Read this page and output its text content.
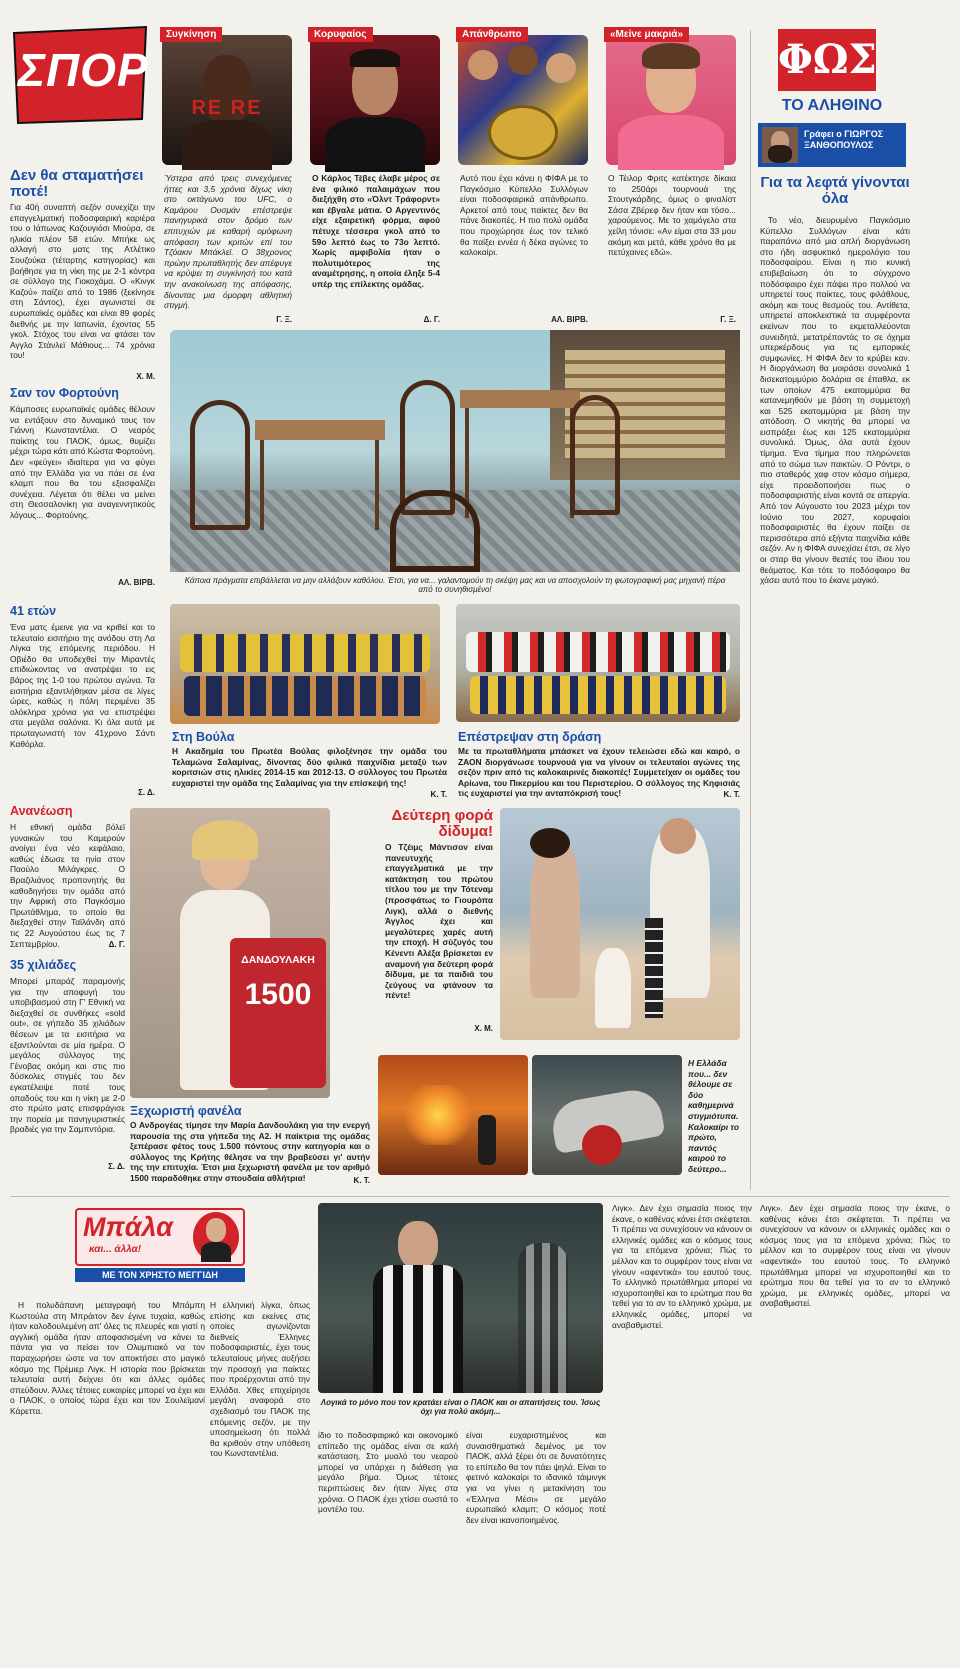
ΣΠΟΡ
RE RE
Συγκίνηση
Ύστερα από τρεις συνεχόμενες ήττες και 3,5 χρόνια δίχως νίκη στο οκτάγωνο του UFC, ο Καμάρου Ουσμάν επέστρεψε πανηγυρικά στον δρόμο των επιτυχιών με καθαρή ομόφωνη απόφαση των κριτών επί του Τζόακιν Μπάκλεϊ. Ο 38χρονος πρώην πρωταθλητής δεν απέφυγε να κρύψει τη συγκίνησή του κατά την ανακοίνωση της απόφασης, δίνοντας μια όμορφη αθλητική στιγμή.
Γ. Ξ.
Κορυφαίος
Ο Κάρλος Τέβες έλαβε μέρος σε ένα φιλικό παλαιμάχων που διεξήχθη στο «Όλντ Τράφορντ» και έβγαλε μάτια. Ο Αργεντινός είχε εξαιρετική φόρμα, αφού πέτυχε τέσσερα γκολ από το 59ο λεπτό έως το 73ο λεπτό. Χωρίς αμφιβολία ήταν ο πολυτιμότερος της αναμέτρησης, η οποία έληξε 5-4 υπέρ της επίλεκτης ομάδας.
Δ. Γ.
Απάνθρωπο
Αυτό που έχει κάνει η ΦΙΦΑ με το Παγκόσμιο Κύπελλο Συλλόγων είναι ποδοσφαιρικά απάνθρωπο. Αρκετοί από τους παίκτες δεν θα πάνε διακοπές. Η πιο πολύ ομάδα που προχώρησε έως τον τελικό θα παίξει εννέα ή δέκα αγώνες το καλοκαίρι.
ΑΛ. ΒΙΡΒ.
«Μείνε μακριά»
Ο Τέιλορ Φριτς κατέκτησε δίκαια το 250άρι τουρνουά της Στουτγκάρδης, όμως ο φιναλίστ Σάσα Ζβέρεφ δεν ήταν και τόσο... χαρούμενος. Με το χαμόγελο στα χείλη τόνισε: «Αν είμαι στα 33 μου ακόμη και μετά, κάθε χρόνο θα με πετύχαινες εδώ».
Γ. Ξ.
ΦΩΣ
ΤΟ ΑΛΗΘΙΝΟ
Γράφει ο ΓΙΩΡΓΟΣ ΞΑΝΘΟΠΟΥΛΟΣ
Για τα λεφτά γίνονται όλα
Το νέο, διευρυμένο Παγκόσμιο Κύπελλο Συλλόγων είναι κάτι παραπάνω από μια απλή διοργάνωση στο ήδη ασφυκτικό ημερολόγιο του ποδοσφαίρου. Είναι η πιο κυνική επιβεβαίωση ότι το σύγχρονο ποδόσφαιρο έχει πάψει προ πολλού να υπηρετεί τους παίκτες, τους φιλάθλους, ακόμη και τους θεσμούς του. Αντίθετα, υπηρετεί αποκλειστικά τα συμφέροντα εκείνων που το εκμεταλλεύονται συνειδητά, μετατρέποντάς το σε όχημα υπερκέρδους για τις εμπορικές συμφωνίες. Η ΦΙΦΑ δεν το κρύβει καν. Η διοργάνωση θα μοιράσει συνολικά 1 δισεκατομμύριο δολάρια σε έπαθλα, εκ των οποίων 475 εκατομμύρια θα κατανεμηθούν με βάση τη συμμετοχή και 525 εκατομμύρια με βάση την απόδοση. Ο νικητής θα μπορεί να εισπράξει έως και 125 εκατομμύρια συνολικά. Όμως, όλα αυτά έχουν τίμημα. Ένα τίμημα που πληρώνεται από το σώμα των παικτών. Ο Ρόντρι, ο πιο σταθερός χαφ στον κόσμο σήμερα, είχε προειδοποιήσει πως ο ποδοσφαιριστής είναι κοντά σε απεργία. Από τον Αύγουστο του 2023 μέχρι τον Ιούνιο του 2027, κορυφαίοι ποδοσφαιριστές θα έχουν παίξει σε περισσότερα από εξήντα παιχνίδια κάθε σεζόν. Αν η ΦΙΦΑ συνεχίσει έτσι, σε λίγο οι σταρ θα γίνουν θεατές του ίδιου του θεάματος. Και τότε το ποδόσφαιρο θα χάσει αυτό που το έκανε μαγικό.
Δεν θα σταματήσει ποτέ!
Για 40ή συναπτή σεζόν συνεχίζει την επαγγελματική ποδοσφαιρική καριέρα του ο Ιάπωνας Καζουγιόσι Μιούρα, σε ηλικία πλέον 58 ετών. Μπήκε ως αλλαγή στο ματς της Ατλέτικο Σουζούκα (τέταρτης κατηγορίας) και βοήθησε για τη νίκη της με 2-1 κόντρα σε σύλλογο της Γιοκοχάμα. Ο «Κινγκ Καζού» παίζει από το 1986 (ξεκίνησε στη Σάντος), έχει αγωνιστεί σε ευρωπαϊκές ομάδες και είναι 89 φορές διεθνής με την Ιαπωνία, έχοντας 55 γκολ. Στόχος του είναι να φτάσει τον Αγγλο Στάνλεϊ Μάθιους... 74 χρόνια του!
Χ. Μ.
Σαν τον Φορτούνη
Κάμποσες ευρωπαϊκές ομάδες θέλουν να εντάξουν στο δυναμικό τους τον Γιάννη Κωνσταντέλια. Ο νεαρός παίκτης του ΠΑΟΚ, όμως, θυμίζει μέχρι τώρα κάτι από Κώστα Φορτούνη. Δεν «φεύγει» ιδιαίτερα για να φύγει από την Ελλάδα για να πάει σε ένα κλαμπ που θα του εξασφαλίζει συνέχεια. Λέγεται ότι θέλει να μείνει στη Θεσσαλονίκη για αναγεννητικούς λόγους... Φορτούνης.
ΑΛ. ΒΙΡΒ.
41 ετών
Ένα ματς έμεινε για να κριθεί και το τελευταίο εισιτήριο της ανόδου στη Λα Λίγκα της επόμενης περιόδου. Η Οβιέδο θα υποδεχθεί την Μιραντές επιδιώκοντας να ανατρέψει το εις βάρος της 1-0 του πρώτου αγώνα. Τα εισιτήρια εξαντλήθηκαν μέσα σε λίγες ώρες, καθώς η πόλη περιμένει 35 ολόκληρα χρόνια για να επιστρέψει στα μεγάλα σαλόνια. Κι όλα αυτά με πρωταγωνιστή τον 41χρονο Σάντι Καθόρλα.
Σ. Δ.
Ανανέωση
Η εθνική ομάδα βόλεϊ γυναικών του Καμερούν ανοίγει ένα νέο κεφάλαιο, καθώς έδωσε τα ηνία στον Παούλο Μιλάγκρες. Ο Βραζιλιάνος προπονητής θα καθοδηγήσει την ομάδα από την Αφρική στο Παγκόσμιο Πρωτάθλημα, το οποίο θα διεξαχθεί στην Ταϊλάνδη από τις 22 Αυγούστου έως τις 7 Σεπτεμβρίου.	Δ. Γ.
35 χιλιάδες
Μπορεί μπαράζ παραμονής για την αποφυγή του υποβιβασμού στη Γ' Εθνική να διεξαχθεί σε συνθήκες «sold out», σε γήπεδο 35 χιλιάδων θέσεων με τα εισιτήρια να εξαντλούνται σε μία ημέρα. Ο μεγάλος σύλλογος της Γένοβας ακόμη και στις πιο δύσκολες στιγμές του δεν εγκατέλειψε ποτέ τους οπαδούς του και η νίκη με 2-0 στο πρώτο ματς επισφράγισε την πορεία με πανηγυριστικές βραδιές για την Σαμπντόρια.
Σ. Δ.
Κάποια πράγματα επιβάλλεται να μην αλλάζουν καθόλου. Έτσι, για να... γαλαντομούν τη σκέψη μας και να αποσχολούν τη φωτογραφική μας μηχανή πέρα από το συνηθισμένο!
Στη Βούλα
Η Ακαδημία του Πρωτέα Βούλας φιλοξένησε την ομάδα του Τελαμώνα Σαλαμίνας, δίνοντας δύο φιλικά παιχνίδια μεταξύ των κοριτσιών στις ηλικίες 2014-15 και 2012-13. Ο σύλλογος του Πρωτέα ευχαριστεί την ομάδα της Σαλαμίνας για την επίσκεψή της!
Κ. Τ.
Επέστρεψαν στη δράση
Με τα πρωταθλήματα μπάσκετ να έχουν τελειώσει εδώ και καιρό, ο ΖΑΟΝ διοργάνωσε τουρνουά για να γίνουν οι τελευταίοι αγώνες της σεζόν πριν από τις καλοκαιρινές διακοπές! Συμμετείχαν οι ομάδες του Αρίωνα, του Πικερμίου και του Περιστερίου. Ο σύλλογος της Κηφισιάς τις ευχαριστεί για την ανταπόκρισή τους!	Κ. Τ.
ΔΑΝΔΟΥΛΑΚΗ
1500
Ξεχωριστή φανέλα
Ο Ανδρογέας τίμησε την Μαρία Δανδουλάκη για την ενεργή παρουσία της στα γήπεδα της Α2. Η παίκτρια της ομάδας ξεπέρασε φέτος τους 1.500 πόντους στην κατηγορία και ο σύλλογος της Κρήτης θέλησε να την βραβεύσει γι' αυτήν της την επιτυχία. Έτσι μια ξεχωριστή φανέλα με τον αριθμό 1500 παραδόθηκε στην σπουδαία αθλήτρια!	Κ. Τ.
Δεύτερη φορά δίδυμα!
Ο Τζέιμς Μάντισον είναι πανευτυχής επαγγελματικά με την κατάκτηση του πρώτου τίτλου του με την Τότεναμ (προσφάτως το Γιουρόπα Λιγκ), αλλά ο διεθνής Άγγλος έχει και μεγαλύτερες χαρές αυτή την εποχή. Η σύζυγός του Κένεντι Αλέξα βρίσκεται εν αναμονή για δεύτερη φορά δίδυμα, με τα παιδιά του ζεύγους να φτάνουν τα πέντε!
Χ. Μ.
Η Ελλάδα που... δεν θέλουμε σε δύο καθημερινά στιγμιότυπα. Καλοκαίρι το πρώτο, παντός καιρού το δεύτερο...
Μπάλα
και... άλλα!
ΜΕ ΤΟΝ ΧΡΗΣΤΟ ΜΕΓΓΙΔΗ
Λογικά το μόνο που τον κρατάει είναι ο ΠΑΟΚ και οι απαιτήσεις του. Ίσως όχι για πολύ ακόμη...
Η πολυδάπανη μεταγραφή του Μπάμπη Κωστούλα στη Μπράιτον δεν έγινε τυχαία, καθώς ήταν καλοδουλεμένη απ' όλες τις πλευρές και γιατί η αγγλική ομάδα ήταν αποφασισμένη να κάνει τα πάντα για να πείσει τον Ολυμπιακό να τον παραχωρήσει ώστε να τον αποκτήσει στο μαγικό κόσμο της Πρέμιερ Λιγκ. Η ιστορία που βρίσκεται τελευταία αυτή δείχνει ότι και άλλες ομάδες σπεύδουν. Άλλες τέτοιες ευκαιρίες μπορεί να έχει και ο ΠΑΟΚ, ο οποίος τώρα έχει και τον Σουλεϊμανί Κάρεττα.
Η ελληνική λίγκα, όπως επίσης και εκείνες στις οποίες αγωνίζονται διεθνείς Έλληνες ποδοσφαιριστές, έχει τους τελευταίους μήνες αυξήσει την προσοχή για παίκτες που προέρχονται από την Ελλάδα. Χθες επιχείρησε μεγάλη αναφορά στο σχεδιασμό του ΠΑΟΚ της επόμενης σεζόν, με την υποσημείωση ότι πολλά θα κριθούν στην υπόθεση του Κωνσταντέλια.
ίδιο το ποδοσφαιρικό και οικονομικό επίπεδο της ομάδας είναι σε καλή κατάσταση. Στο μυαλό του νεαρού μπορεί να υπάρχει η διάθεση για μεγάλο βήμα. Όμως τέτοιες περιπτώσεις δεν ήταν λίγες στα χρόνια. Ο ΠΑΟΚ έχει χτίσει σωστά το μοντέλο του.
είναι ευχαριστημένος και συναισθηματικά δεμένος με τον ΠΑΟΚ, αλλά ξέρει ότι σε δυνατότητες το επίπεδο θα τον πάει ψηλά. Είναι το φετινό καλοκαίρι το ιδανικό τάιμινγκ για να γίνει η μετακίνηση του «Έλληνα Μέσι» σε μεγάλο ευρωπαϊκό κλαμπ; Ο κόσμος ποτέ δεν είναι ικανοποιημένος.
Λιγκ». Δεν έχει σημασία ποιος την έκανε, ο καθένας κάνει έτσι σκέφτεται. Τι πρέπει να συνεχίσουν να κάνουν οι ελληνικές ομάδες και ο κόσμος τους για τα επόμενα χρόνια; Πώς το μέλλον και το συμφέρον τους είναι να γίνουν «αφεντικά» του εαυτού τους. Το ελληνικό πρωτάθλημα μπορεί να ισχυροποιηθεί και το ερώτημα που θα τεθεί για το αν το ελληνικό χρώμα, με ελληνικές ομάδες, μπορεί να αναβαθμιστεί.
Λιγκ». Δεν έχει σημασία ποιος την έκανε, ο καθένας κάνει έτσι σκέφτεται. Τι πρέπει να συνεχίσουν να κάνουν οι ελληνικές ομάδες και ο κόσμος τους για τα επόμενα χρόνια; Πώς το μέλλον και το συμφέρον τους είναι να γίνουν «αφεντικά» του εαυτού τους. Το ελληνικό πρωτάθλημα μπορεί να ισχυροποιηθεί και το ερώτημα που θα τεθεί για το αν το ελληνικό χρώμα, με ελληνικές ομάδες, μπορεί να αναβαθμιστεί.
